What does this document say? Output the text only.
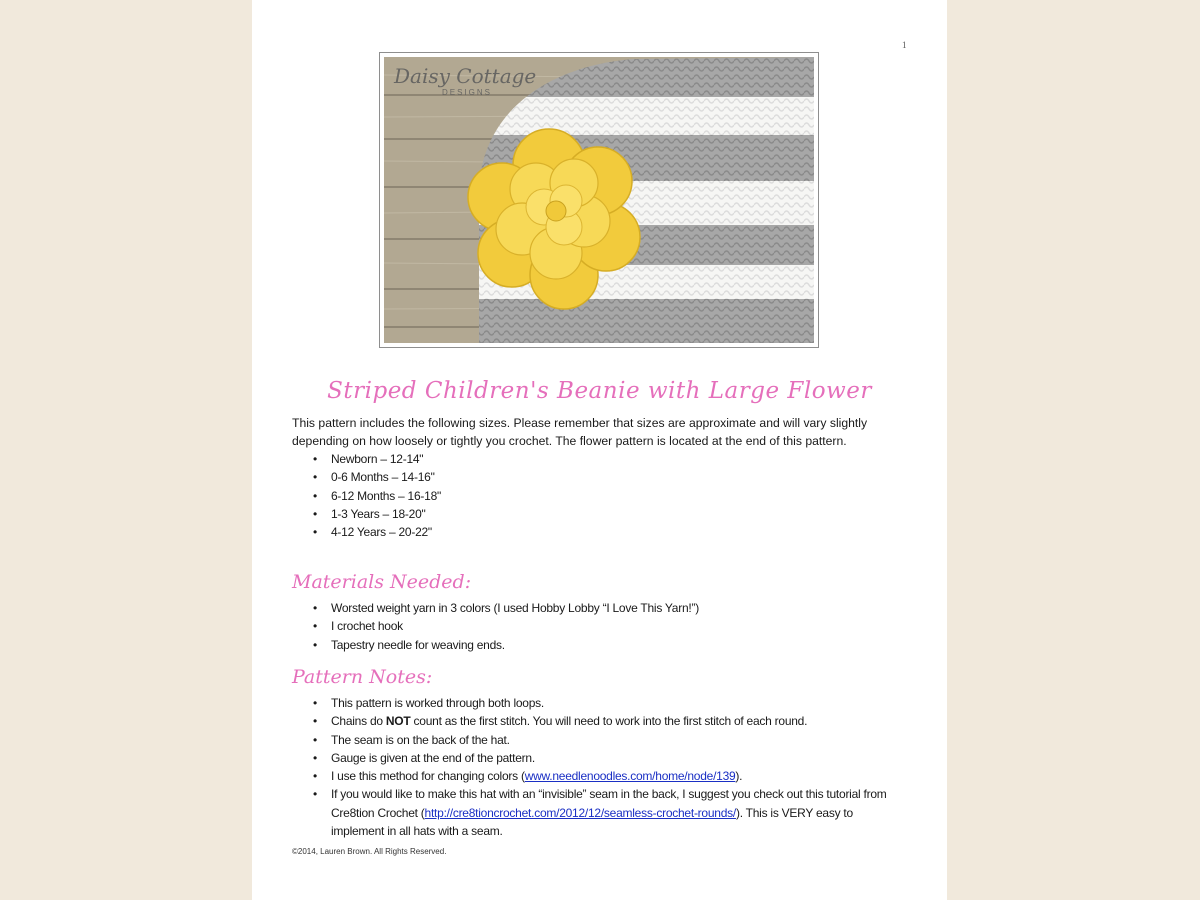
1
Daisy Cottage
DESIGNS
Striped Children's Beanie with Large Flower
This pattern includes the following sizes. Please remember that sizes are approximate and will vary slightly depending on how loosely or tightly you crochet. The flower pattern is located at the end of this pattern.
• Newborn – 12-14"
• 0-6 Months – 14-16"
• 6-12 Months – 16-18"
• 1-3 Years – 18-20"
• 4-12 Years – 20-22"
Materials Needed:
• Worsted weight yarn in 3 colors (I used Hobby Lobby “I Love This Yarn!”)
• I crochet hook
• Tapestry needle for weaving ends.
Pattern Notes:
• This pattern is worked through both loops.
• Chains do NOT count as the first stitch. You will need to work into the first stitch of each round.
• The seam is on the back of the hat.
• Gauge is given at the end of the pattern.
• I use this method for changing colors (www.needlenoodles.com/home/node/139).
• If you would like to make this hat with an “invisible” seam in the back, I suggest you check out this tutorial from Cre8tion Crochet (http://cre8tioncrochet.com/2012/12/seamless-crochet-rounds/). This is VERY easy to implement in all hats with a seam.
©2014, Lauren Brown. All Rights Reserved.
